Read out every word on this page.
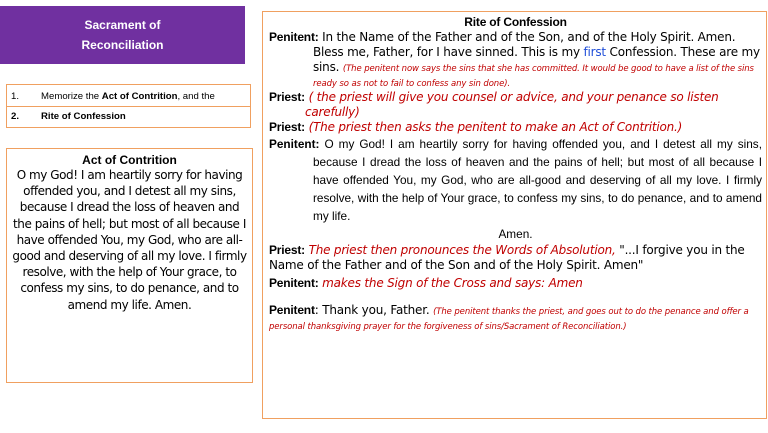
Sacrament of
Reconciliation
1.	Memorize the Act of Contrition, and the
2.	Rite of Confession
Act of Contrition

O my God! I am heartily sorry for having offended you, and I detest all my sins, because I dread the loss of heaven and the pains of hell; but most of all because I have offended You, my God, who are all-good and deserving of all my love. I firmly resolve, with the help of Your grace, to confess my sins, to do penance, and to amend my life. Amen.

Rite of Confession

Penitent: In the Name of the Father and of the Son, and of the Holy Spirit. Amen. Bless me, Father, for I have sinned. This is my first Confession. These are my sins. (The penitent now says the sins that she has committed. It would be good to have a list of the sins ready so as not to fail to confess any sin done).

Priest: ( the priest will give you counsel or advice, and your penance so listen carefully)

Priest: (The priest then asks the penitent to make an Act of Contrition.)

Penitent: O my God! I am heartily sorry for having offended you, and I detest all my sins, because I dread the loss of heaven and the pains of hell; but most of all because I have offended You, my God, who are all-good and deserving of all my love. I firmly resolve, with the help of Your grace, to confess my sins, to do penance, and to amend my life.

Amen.

Priest: The priest then pronounces the Words of Absolution, "...I forgive you in the Name of the Father and of the Son and of the Holy Spirit. Amen"

Penitent: makes the Sign of the Cross and says: Amen

Penitent: Thank you, Father. (The penitent thanks the priest, and goes out to do the penance and offer a personal thanksgiving prayer for the forgiveness of sins/Sacrament of Reconciliation.)
